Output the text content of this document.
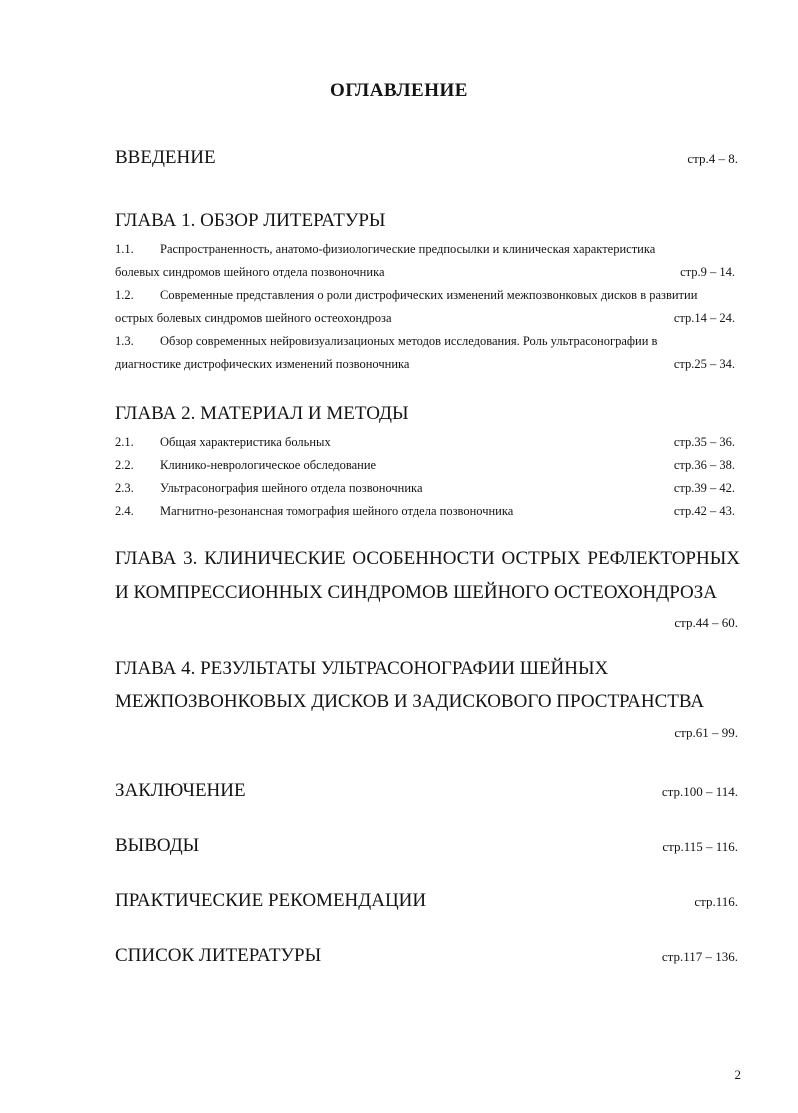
ОГЛАВЛЕНИЕ
ВВЕДЕНИЕ	стр.4 – 8.
ГЛАВА 1. ОБЗОР ЛИТЕРАТУРЫ
1.1.	Распространенность, анатомо-физиологические предпосылки и клиническая характеристика
болевых синдромов шейного отдела позвоночника	стр.9 – 14.
1.2.	Современные представления о роли дистрофических изменений межпозвонковых дисков в развитии
острых болевых синдромов шейного остеохондроза	стр.14 – 24.
1.3.	Обзор современных нейровизуализационых методов исследования. Роль ультрасонографии в
диагностике дистрофических изменений позвоночника	стр.25 – 34.
ГЛАВА 2. МАТЕРИАЛ И МЕТОДЫ
2.1.	Общая характеристика больных	стр.35 – 36.
2.2.	Клинико-неврологическое обследование	стр.36 – 38.
2.3.	Ультрасонография шейного отдела позвоночника	стр.39 – 42.
2.4.	Магнитно-резонансная томография шейного отдела позвоночника	стр.42 – 43.
ГЛАВА 3. КЛИНИЧЕСКИЕ ОСОБЕННОСТИ ОСТРЫХ РЕФЛЕКТОРНЫХ
И КОМПРЕССИОННЫХ СИНДРОМОВ ШЕЙНОГО ОСТЕОХОНДРОЗА
стр.44 – 60.
ГЛАВА 4. РЕЗУЛЬТАТЫ УЛЬТРАСОНОГРАФИИ ШЕЙНЫХ
МЕЖПОЗВОНКОВЫХ ДИСКОВ И ЗАДИСКОВОГО ПРОСТРАНСТВА
стр.61 – 99.
ЗАКЛЮЧЕНИЕ	стр.100 – 114.
ВЫВОДЫ	стр.115 – 116.
ПРАКТИЧЕСКИЕ РЕКОМЕНДАЦИИ	стр.116.
СПИСОК ЛИТЕРАТУРЫ	стр.117 – 136.
2
